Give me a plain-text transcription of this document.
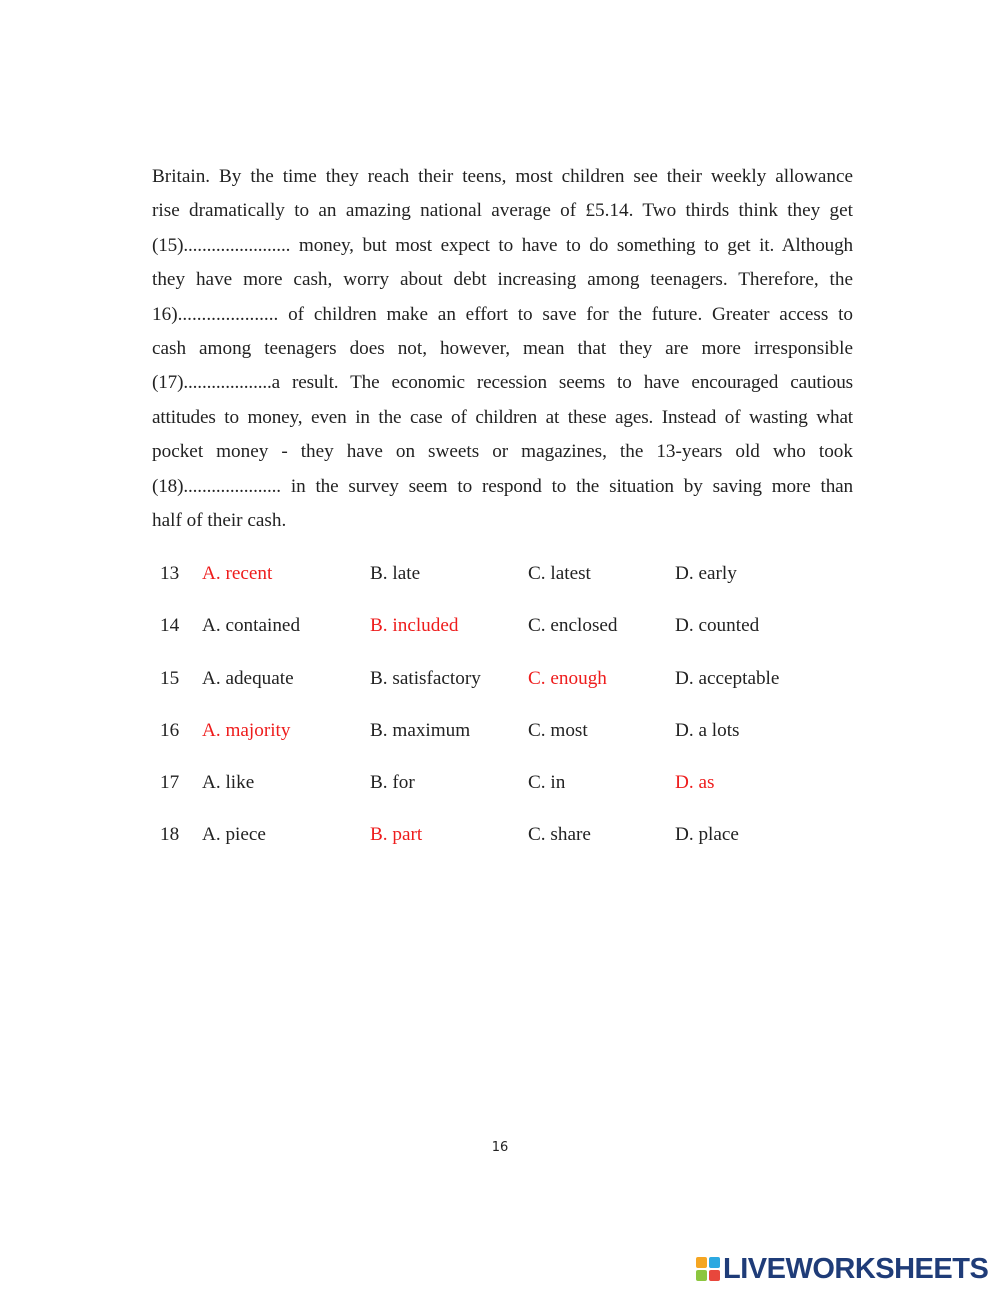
Britain. By the time they reach their teens, most children see their weekly allowance
rise dramatically to an amazing national average of £5.14. Two thirds think they get
(15)....................... money, but most expect to have to do something to get it. Although
they have more cash, worry about debt increasing among teenagers. Therefore, the
16)..................... of children make an effort to save for the future. Greater access to
cash among teenagers does not, however, mean that they are more irresponsible
(17)...................a result. The economic recession seems to have encouraged cautious
attitudes to money, even in the case of children at these ages. Instead of wasting what
pocket money - they have on sweets or magazines, the 13-years old who took
(18)..................... in the survey seem to respond to the situation by saving more than
half of their cash.
13 A. recent	B. late	C. latest	D. early
14 A. contained	B. included	C. enclosed	D. counted
15 A. adequate	B. satisfactory C. enough	D. acceptable
16 A. majority	B. maximum	C. most	D. a lots
17 A. like	B. for	C. in	D. as
18 A. piece	B. part	C. share	D. place
16
LIVEWORKSHEETS
